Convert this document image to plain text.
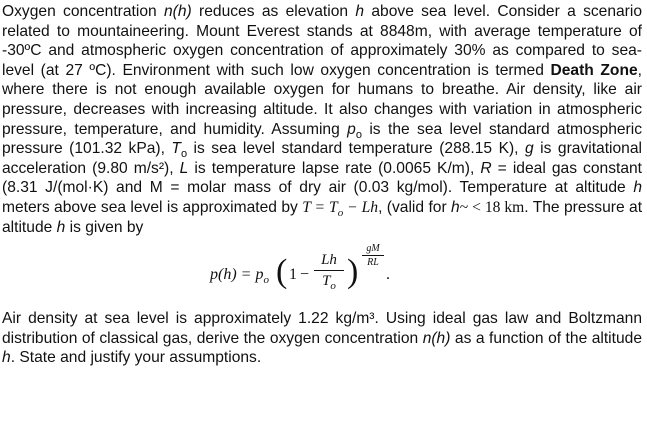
Oxygen concentration n(h) reduces as elevation h above sea level. Consider a scenario related to mountaineering. Mount Everest stands at 8848m, with average temperature of -30ºC and atmospheric oxygen concentration of approximately 30% as compared to sea-level (at 27 ºC). Environment with such low oxygen concentration is termed Death Zone, where there is not enough available oxygen for humans to breathe. Air density, like air pressure, decreases with increasing altitude. It also changes with variation in atmospheric pressure, temperature, and humidity. Assuming $p_o$ is the sea level standard atmospheric pressure (101.32 kPa), $T_o$ is sea level standard temperature (288.15 K), g is gravitational acceleration (9.80 m/s²), L is temperature lapse rate (0.0065 K/m), R = ideal gas constant (8.31 J/(mol·K) and M = molar mass of dry air (0.03 kg/mol). Temperature at altitude h meters above sea level is approximated by $T = T_o - Lh$, (valid for h~ < 18 km. The pressure at altitude h is given by

$p(h) = p_o$ ( 1 −
Lh
$T_o$ )
gM
RL
.

Air density at sea level is approximately 1.22 kg/m³. Using ideal gas law and Boltzmann distribution of classical gas, derive the oxygen concentration n(h) as a function of the altitude h. State and justify your assumptions.
